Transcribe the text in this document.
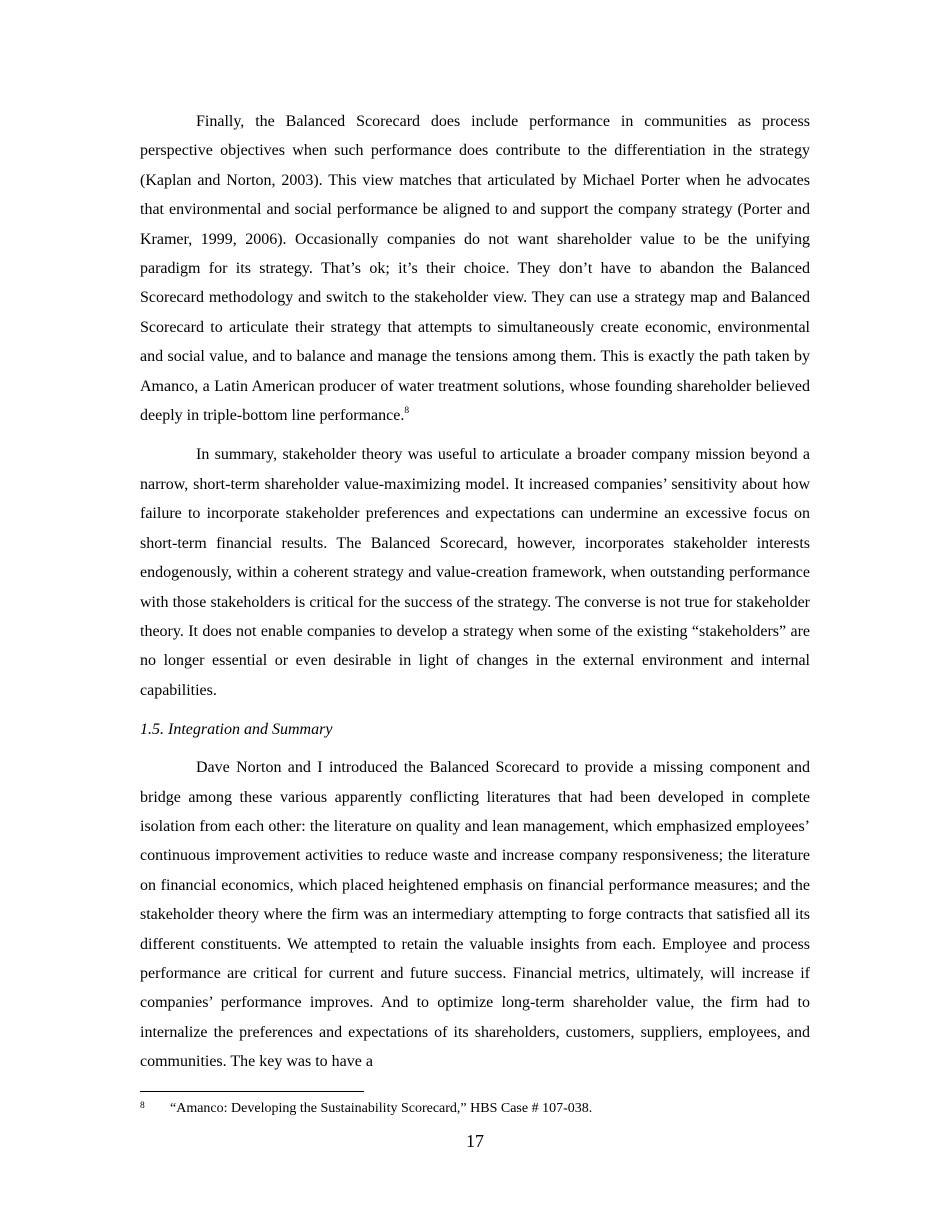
Finally, the Balanced Scorecard does include performance in communities as process perspective objectives when such performance does contribute to the differentiation in the strategy (Kaplan and Norton, 2003). This view matches that articulated by Michael Porter when he advocates that environmental and social performance be aligned to and support the company strategy (Porter and Kramer, 1999, 2006). Occasionally companies do not want shareholder value to be the unifying paradigm for its strategy. That’s ok; it’s their choice. They don’t have to abandon the Balanced Scorecard methodology and switch to the stakeholder view. They can use a strategy map and Balanced Scorecard to articulate their strategy that attempts to simultaneously create economic, environmental and social value, and to balance and manage the tensions among them. This is exactly the path taken by Amanco, a Latin American producer of water treatment solutions, whose founding shareholder believed deeply in triple-bottom line performance.$^8$

In summary, stakeholder theory was useful to articulate a broader company mission beyond a narrow, short-term shareholder value-maximizing model. It increased companies’ sensitivity about how failure to incorporate stakeholder preferences and expectations can undermine an excessive focus on short-term financial results. The Balanced Scorecard, however, incorporates stakeholder interests endogenously, within a coherent strategy and value-creation framework, when outstanding performance with those stakeholders is critical for the success of the strategy. The converse is not true for stakeholder theory. It does not enable companies to develop a strategy when some of the existing “stakeholders” are no longer essential or even desirable in light of changes in the external environment and internal capabilities.

1.5. Integration and Summary

Dave Norton and I introduced the Balanced Scorecard to provide a missing component and bridge among these various apparently conflicting literatures that had been developed in complete isolation from each other: the literature on quality and lean management, which emphasized employees’ continuous improvement activities to reduce waste and increase company responsiveness; the literature on financial economics, which placed heightened emphasis on financial performance measures; and the stakeholder theory where the firm was an intermediary attempting to forge contracts that satisfied all its different constituents. We attempted to retain the valuable insights from each. Employee and process performance are critical for current and future success. Financial metrics, ultimately, will increase if companies’ performance improves. And to optimize long-term shareholder value, the firm had to internalize the preferences and expectations of its shareholders, customers, suppliers, employees, and communities. The key was to have a

8 “Amanco: Developing the Sustainability Scorecard,” HBS Case # 107-038.
17
